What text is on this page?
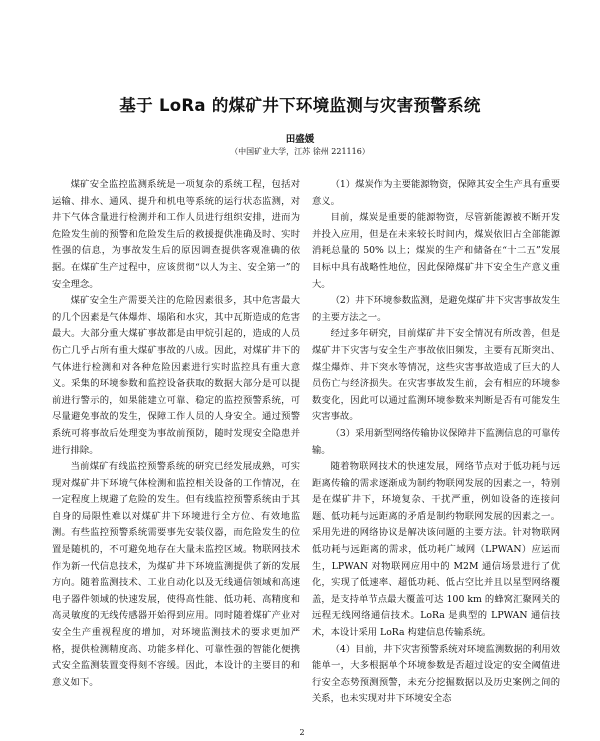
基于 LoRa 的煤矿井下环境监测与灾害预警系统
田盛媛
（中国矿业大学，江苏 徐州 221116）

煤矿安全监控监测系统是一项复杂的系统工程，包括对运输、排水、通风、提升和机电等系统的运行状态监测，对井下气体含量进行检测并和工作人员进行组织安排，进而为危险发生前的预警和危险发生后的救援提供准确及时、实时性强的信息，为事故发生后的原因调查提供客观准确的依据。在煤矿生产过程中，应该贯彻“以人为主、安全第一”的安全理念。

煤矿安全生产需要关注的危险因素很多，其中危害最大的几个因素是气体爆炸、塌陷和水灾，其中瓦斯造成的危害最大。大部分重大煤矿事故都是由甲烷引起的，造成的人员伤亡几乎占所有重大煤矿事故的八成。因此，对煤矿井下的气体进行检测和对各种危险因素进行实时监控具有重大意义。采集的环境参数和监控设备获取的数据大部分是可以提前进行警示的，如果能建立可靠、稳定的监控预警系统，可尽量避免事故的发生，保障工作人员的人身安全。通过预警系统可将事故后处理变为事故前预防，随时发现安全隐患并进行排除。

当前煤矿有线监控预警系统的研究已经发展成熟，可实现对煤矿井下环境气体检测和监控相关设备的工作情况，在一定程度上规避了危险的发生。但有线监控预警系统由于其自身的局限性难以对煤矿井下环境进行全方位、有效地监测。有些监控预警系统需要事先安装仪器，而危险发生的位置是随机的，不可避免地存在大量未监控区域。物联网技术作为新一代信息技术，为煤矿井下环境监测提供了新的发展方向。随着监测技术、工业自动化以及无线通信领域和高速电子器件领域的快速发展，使得高性能、低功耗、高精度和高灵敏度的无线传感器开始得到应用。同时随着煤矿产业对安全生产重视程度的增加，对环境监测技术的要求更加严格，提供检测精度高、功能多样化、可靠性强的智能化便携式安全监测装置变得刻不容缓。因此，本设计的主要目的和意义如下。

（1）煤炭作为主要能源物资，保障其安全生产具有重要意义。

目前，煤炭是重要的能源物资，尽管新能源被不断开发并投入应用，但是在未来较长时间内，煤炭依旧占全部能源消耗总量的 50% 以上；煤炭的生产和储备在“十二五”发展目标中具有战略性地位，因此保障煤矿井下安全生产意义重大。

（2）井下环境参数监测，是避免煤矿井下灾害事故发生的主要方法之一。

经过多年研究，目前煤矿井下安全情况有所改善，但是煤矿井下灾害与安全生产事故依旧频发，主要有瓦斯突出、煤尘爆炸、井下突水等情况，这些灾害事故造成了巨大的人员伤亡与经济损失。在灾害事故发生前，会有相应的环境参数变化，因此可以通过监测环境参数来判断是否有可能发生灾害事故。

（3）采用新型网络传输协议保障井下监测信息的可靠传输。

随着物联网技术的快速发展，网络节点对于低功耗与远距离传输的需求逐渐成为制约物联网发展的因素之一，特别是在煤矿井下，环境复杂、干扰严重，例如设备的连接问题、低功耗与远距离的矛盾是制约物联网发展的因素之一。采用先进的网络协议是解决该问题的主要方法。针对物联网低功耗与远距离的需求，低功耗广域网（LPWAN）应运而生，LPWAN 对物联网应用中的 M2M 通信场景进行了优化，实现了低速率、超低功耗、低占空比并且以星型网络覆盖，是支持单节点最大覆盖可达 100 km 的蜂窝汇聚网关的远程无线网络通信技术。LoRa 是典型的 LPWAN 通信技术，本设计采用 LoRa 构建信息传输系统。

（4）目前，井下灾害预警系统对环境监测数据的利用效能单一，大多根据单个环境参数是否超过设定的安全阈值进行安全态势预测预警，未充分挖掘数据以及历史案例之间的关系，也未实现对井下环境安全态

2
